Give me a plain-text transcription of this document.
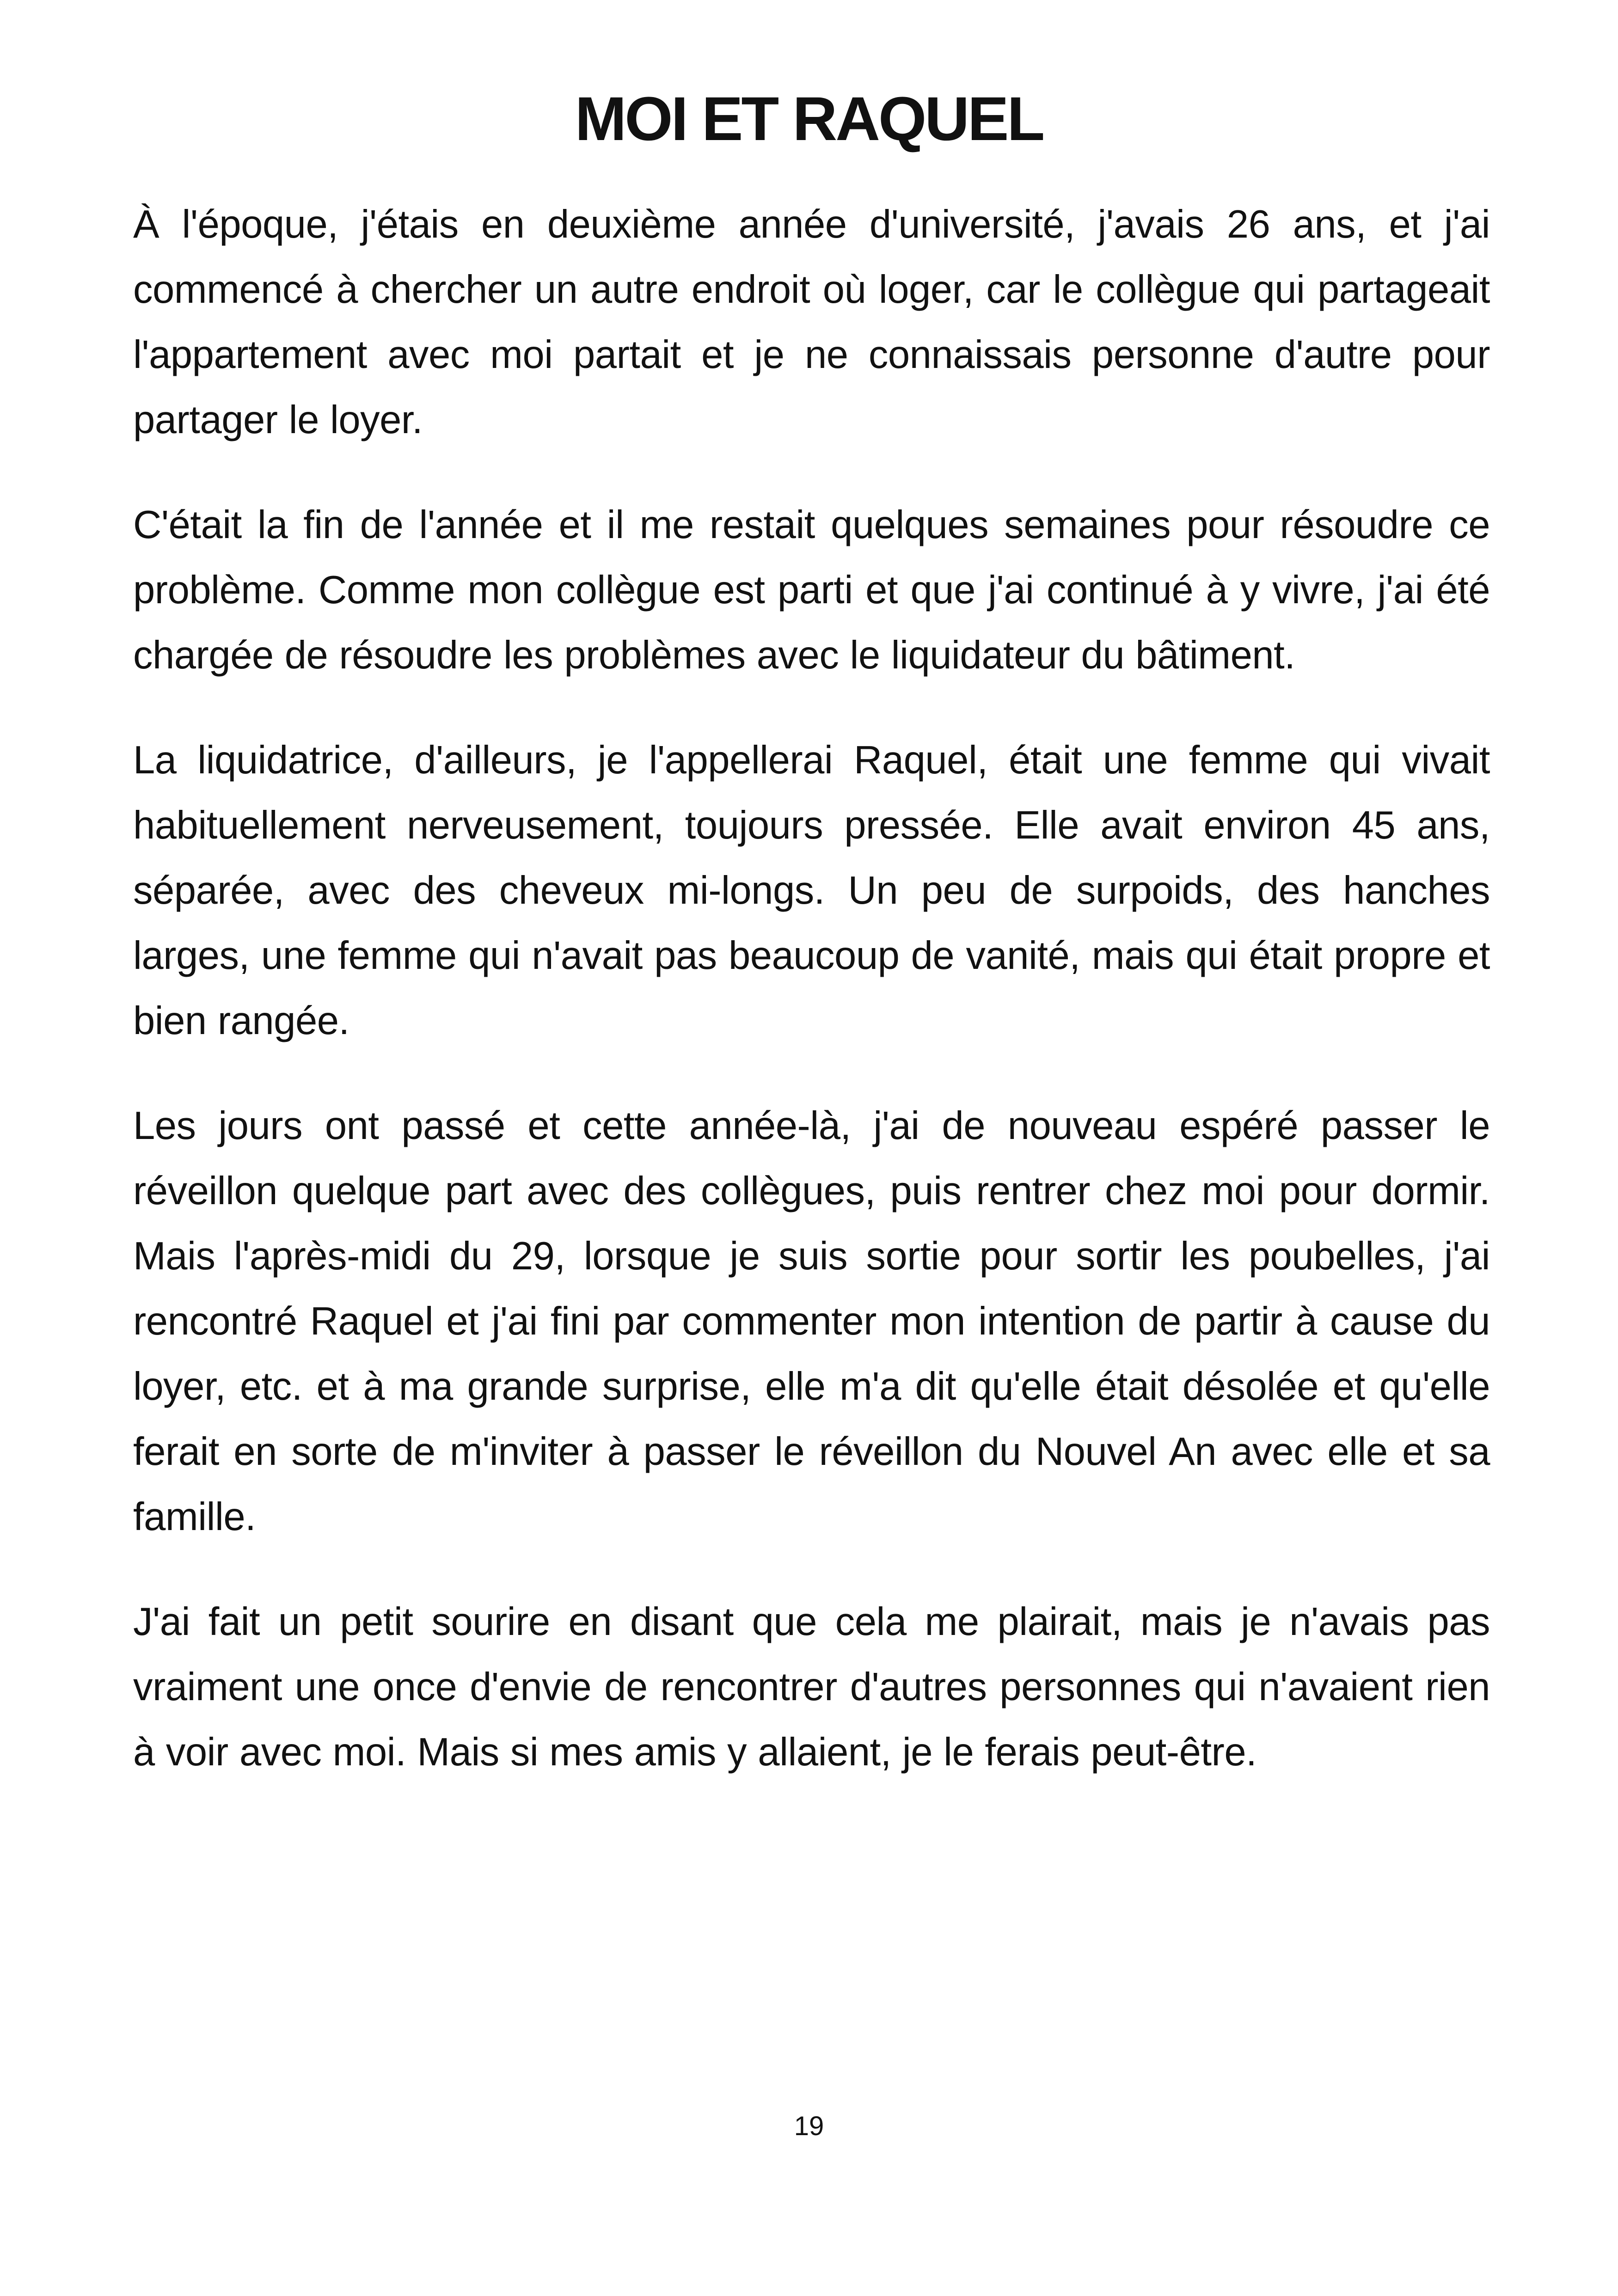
MOI ET RAQUEL

À l'époque, j'étais en deuxième année d'université, j'avais 26 ans, et j'ai commencé à chercher un autre endroit où loger, car le collègue qui partageait l'appartement avec moi partait et je ne connaissais personne d'autre pour partager le loyer.

C'était la fin de l'année et il me restait quelques semaines pour résoudre ce problème. Comme mon collègue est parti et que j'ai continué à y vivre, j'ai été chargée de résoudre les problèmes avec le liquidateur du bâtiment.

La liquidatrice, d'ailleurs, je l'appellerai Raquel, était une femme qui vivait habituellement nerveusement, toujours pressée. Elle avait environ 45 ans, séparée, avec des cheveux mi-longs. Un peu de surpoids, des hanches larges, une femme qui n'avait pas beaucoup de vanité, mais qui était propre et bien rangée.

Les jours ont passé et cette année-là, j'ai de nouveau espéré passer le réveillon quelque part avec des collègues, puis rentrer chez moi pour dormir. Mais l'après-midi du 29, lorsque je suis sortie pour sortir les poubelles, j'ai rencontré Raquel et j'ai fini par commenter mon intention de partir à cause du loyer, etc. et à ma grande surprise, elle m'a dit qu'elle était désolée et qu'elle ferait en sorte de m'inviter à passer le réveillon du Nouvel An avec elle et sa famille.

J'ai fait un petit sourire en disant que cela me plairait, mais je n'avais pas vraiment une once d'envie de rencontrer d'autres personnes qui n'avaient rien à voir avec moi. Mais si mes amis y allaient, je le ferais peut-être.

19
